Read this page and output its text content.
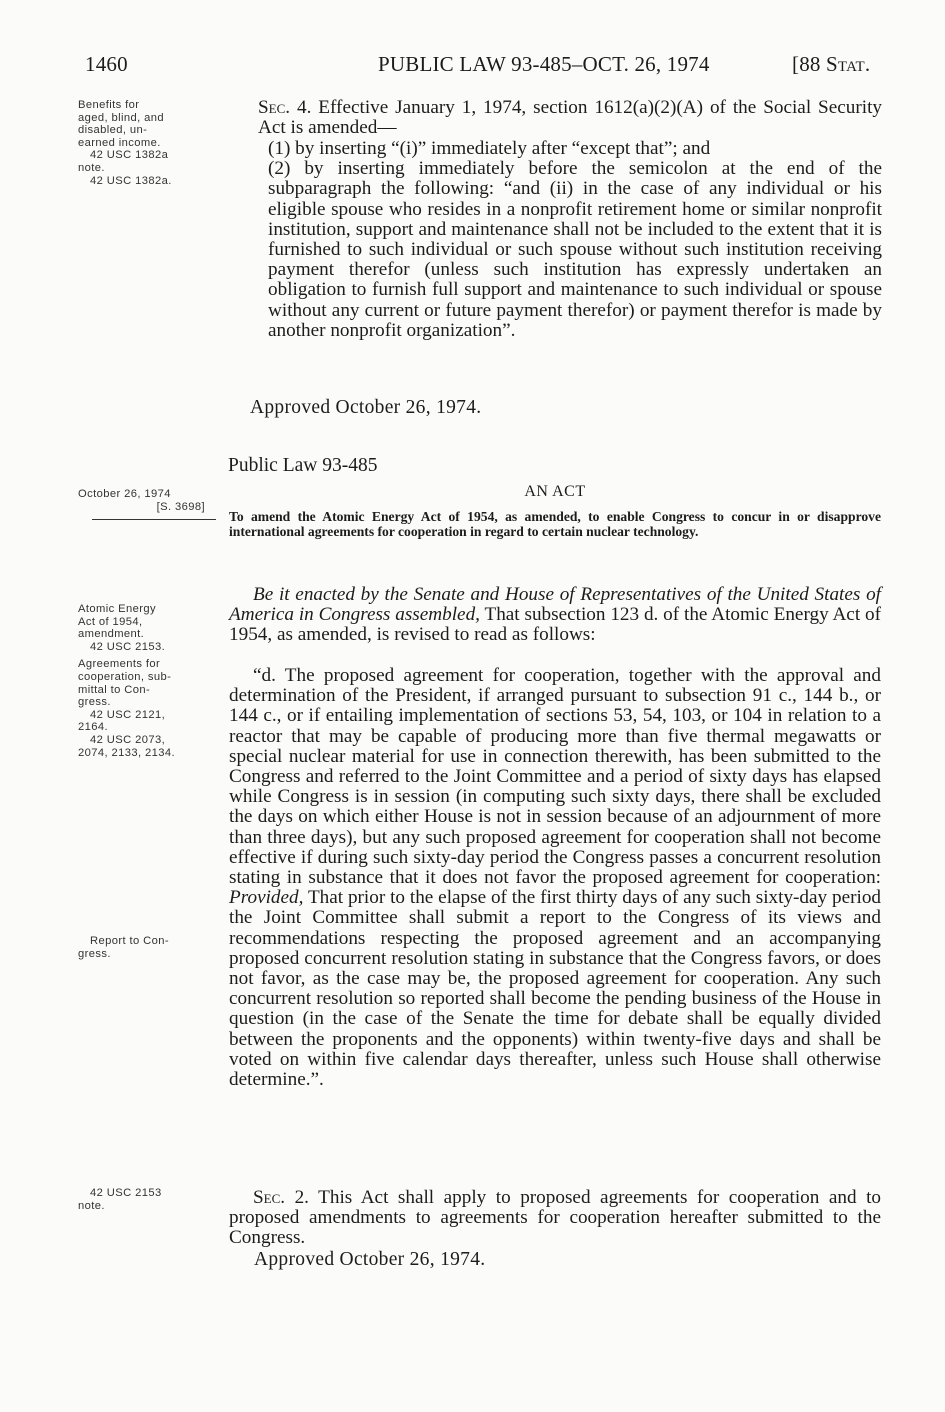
1460	PUBLIC LAW 93-485–OCT. 26, 1974	[88 Stat.
Benefits for
aged, blind, and
disabled, un-
earned income.
42 USC 1382a
note.
42 USC 1382a.
October 26, 1974
[S. 3698]
Atomic Energy
Act of 1954,
amendment.
42 USC 2153.
Agreements for
cooperation, sub-
mittal to Con-
gress.
42 USC 2121,
2164.
42 USC 2073,
2074, 2133, 2134.
Report to Con-
gress.
42 USC 2153
note.

Sec. 4. Effective January 1, 1974, section 1612(a)(2)(A) of the Social Security Act is amended—

(1) by inserting “(i)” immediately after “except that”; and

(2) by inserting immediately before the semicolon at the end of the subparagraph the following: “and (ii) in the case of any individual or his eligible spouse who resides in a nonprofit retirement home or similar nonprofit institution, support and maintenance shall not be included to the extent that it is furnished to such individual or such spouse without such institution receiving payment therefor (unless such institution has expressly undertaken an obligation to furnish full support and maintenance to such individual or spouse without any current or future payment therefor) or payment therefor is made by another nonprofit organization”.

Approved October 26, 1974.
Public Law 93-485
AN ACT

To amend the Atomic Energy Act of 1954, as amended, to enable Congress to concur in or disapprove international agreements for cooperation in regard to certain nuclear technology.

Be it enacted by the Senate and House of Representatives of the United States of America in Congress assembled, That subsection 123 d. of the Atomic Energy Act of 1954, as amended, is revised to read as follows:

“d. The proposed agreement for cooperation, together with the approval and determination of the President, if arranged pursuant to subsection 91 c., 144 b., or 144 c., or if entailing implementation of sections 53, 54, 103, or 104 in relation to a reactor that may be capable of producing more than five thermal megawatts or special nuclear material for use in connection therewith, has been submitted to the Congress and referred to the Joint Committee and a period of sixty days has elapsed while Congress is in session (in computing such sixty days, there shall be excluded the days on which either House is not in session because of an adjournment of more than three days), but any such proposed agreement for cooperation shall not become effective if during such sixty-day period the Congress passes a concurrent resolution stating in substance that it does not favor the proposed agreement for cooperation: Provided, That prior to the elapse of the first thirty days of any such sixty-day period the Joint Committee shall submit a report to the Congress of its views and recommendations respecting the proposed agreement and an accompanying proposed concurrent resolution stating in substance that the Congress favors, or does not favor, as the case may be, the proposed agreement for cooperation. Any such concurrent resolution so reported shall become the pending business of the House in question (in the case of the Senate the time for debate shall be equally divided between the proponents and the opponents) within twenty-five days and shall be voted on within five calendar days thereafter, unless such House shall otherwise determine.”.

Sec. 2. This Act shall apply to proposed agreements for cooperation and to proposed amendments to agreements for cooperation hereafter submitted to the Congress.

Approved October 26, 1974.
